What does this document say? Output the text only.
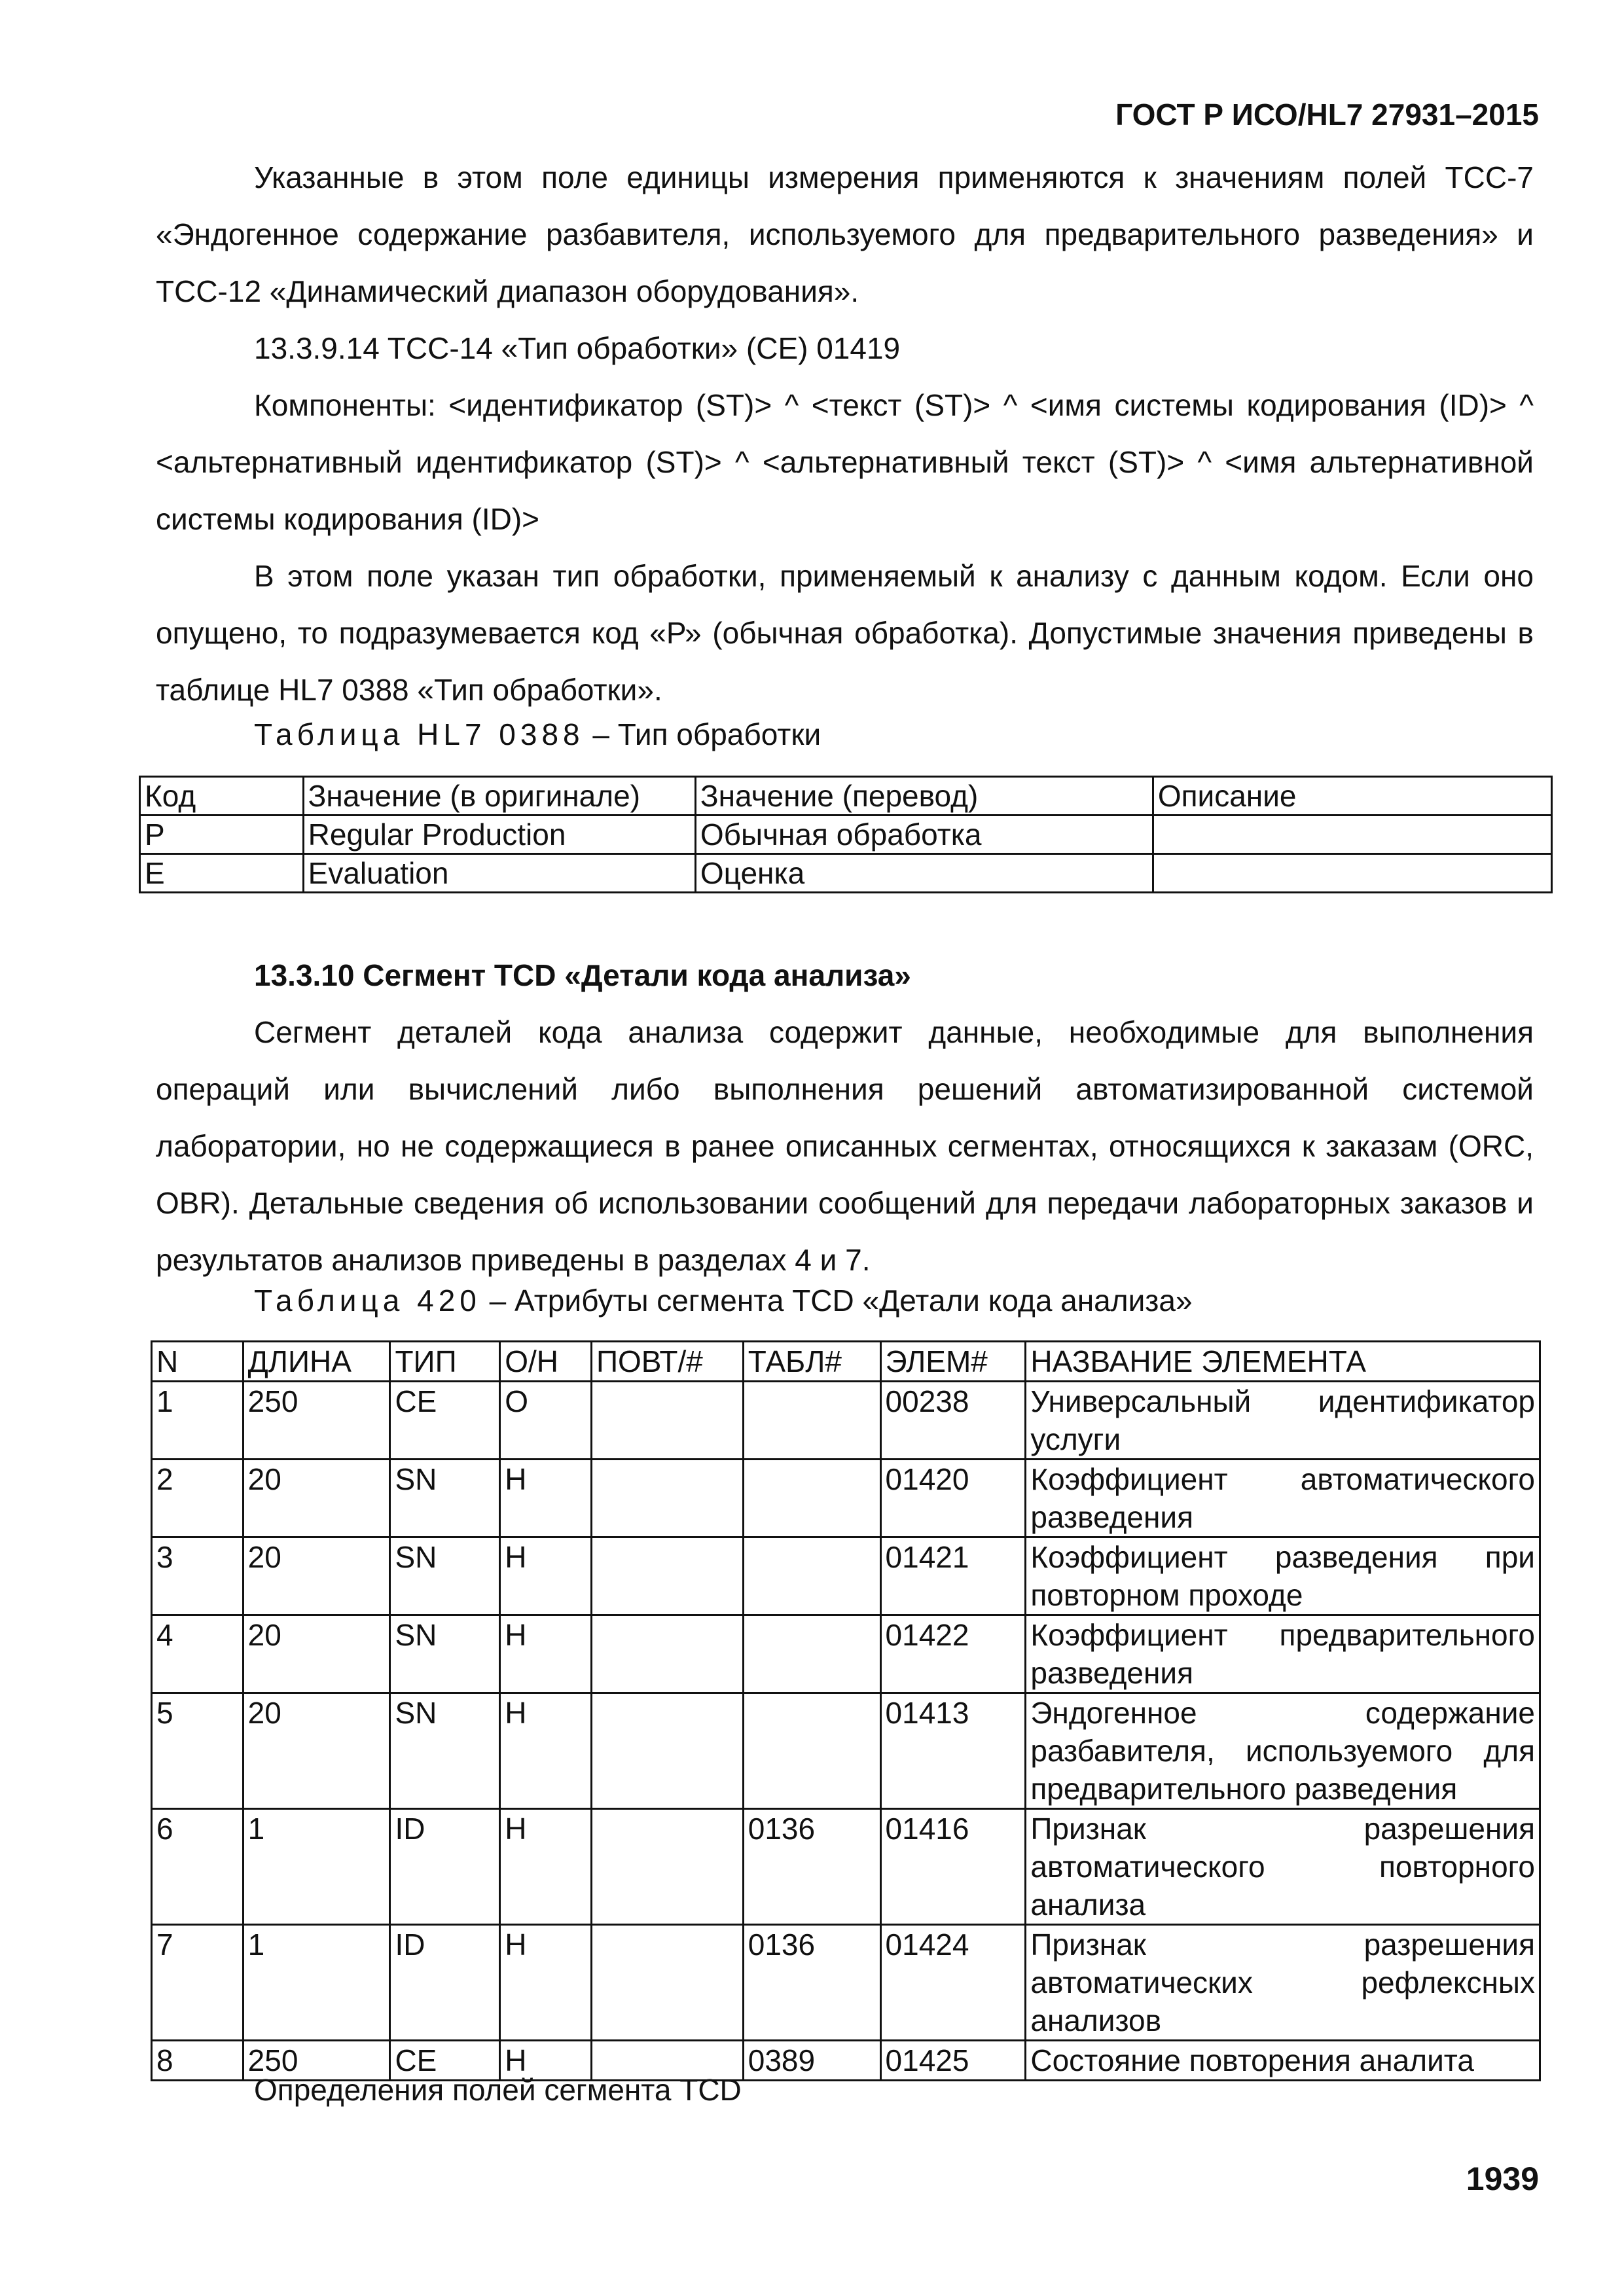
ГОСТ Р ИСО/HL7 27931–2015

Указанные в этом поле единицы измерения применяются к значениям полей TCC-7 «Эндогенное содержание разбавителя, используемого для предварительного разведения» и TCC-12 «Динамический диапазон оборудования».

13.3.9.14 TCC-14 «Тип обработки» (CE) 01419

Компоненты: <идентификатор (ST)> ^ <текст (ST)> ^ <имя системы кодирования (ID)> ^ <альтернативный идентификатор (ST)> ^ <альтернативный текст (ST)> ^ <имя альтернативной системы кодирования (ID)>

В этом поле указан тип обработки, применяемый к анализу с данным кодом. Если оно опущено, то подразумевается код «Р» (обычная обработка). Допустимые значения приведены в таблице HL7 0388 «Тип обработки».

Таблица HL7 0388 – Тип обработки
Код	Значение (в оригинале)	Значение (перевод)	Описание
P	Regular Production	Обычная обработка	
E	Evaluation	Оценка	

13.3.10 Сегмент TCD «Детали кода анализа»

Сегмент деталей кода анализа содержит данные, необходимые для выполнения операций или вычислений либо выполнения решений автоматизированной системой лаборатории, но не содержащиеся в ранее описанных сегментах, относящихся к заказам (ORC, OBR). Детальные сведения об использовании сообщений для передачи лабораторных заказов и результатов анализов приведены в разделах 4 и 7.

Таблица 420 – Атрибуты сегмента TCD «Детали кода анализа»
N	ДЛИНА	ТИП	О/Н	ПОВТ/#	ТАБЛ#	ЭЛЕМ#	НАЗВАНИЕ ЭЛЕМЕНТА
1	250	CE	O			00238	Универсальный идентификатор услуги
2	20	SN	Н			01420	Коэффициент автоматического разведения
3	20	SN	Н			01421	Коэффициент разведения при повторном проходе
4	20	SN	Н			01422	Коэффициент предварительного разведения
5	20	SN	Н			01413	Эндогенное содержание разбавителя, используемого для предварительного разведения
6	1	ID	Н		0136	01416	Признак разрешения автоматического повторного анализа
7	1	ID	Н		0136	01424	Признак разрешения автоматических рефлексных анализов
8	250	CE	Н		0389	01425	Состояние повторения аналита

Определения полей сегмента TCD

1939
